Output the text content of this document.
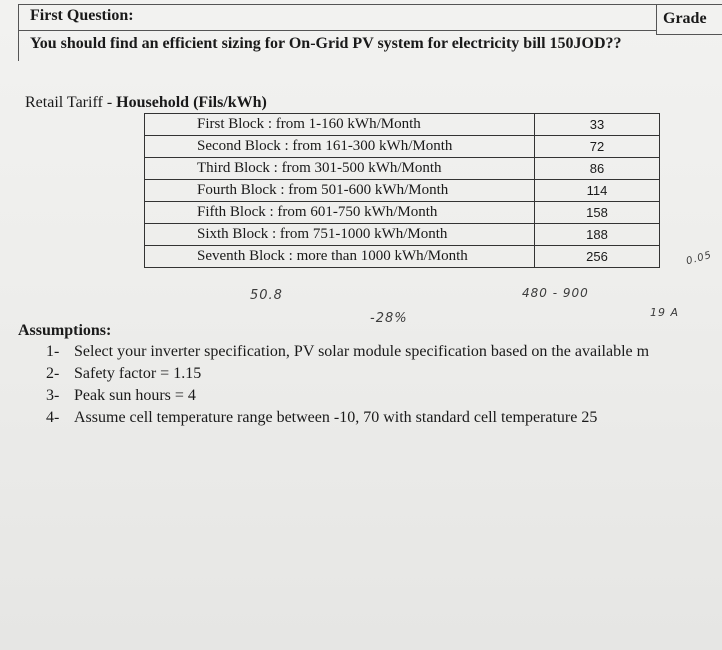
First Question:	Grade
You should find an efficient sizing for On-Grid PV system for electricity bill 150JOD??
Retail Tariff - Household (Fils/kWh)
First Block : from 1-160 kWh/Month	33
Second Block : from 161-300 kWh/Month	72
Third Block : from 301-500 kWh/Month	86
Fourth Block : from 501-600 kWh/Month	114
Fifth Block : from 601-750 kWh/Month	158
Sixth Block : from 751-1000 kWh/Month	188
Seventh Block : more than 1000 kWh/Month	256
50.8	480 - 900
-28%	19 A
0.05
Assumptions:
1- Select your inverter specification, PV solar module specification based on the available m
2- Safety factor = 1.15
3- Peak sun hours = 4
4- Assume cell temperature range between -10, 70 with standard cell temperature 25
